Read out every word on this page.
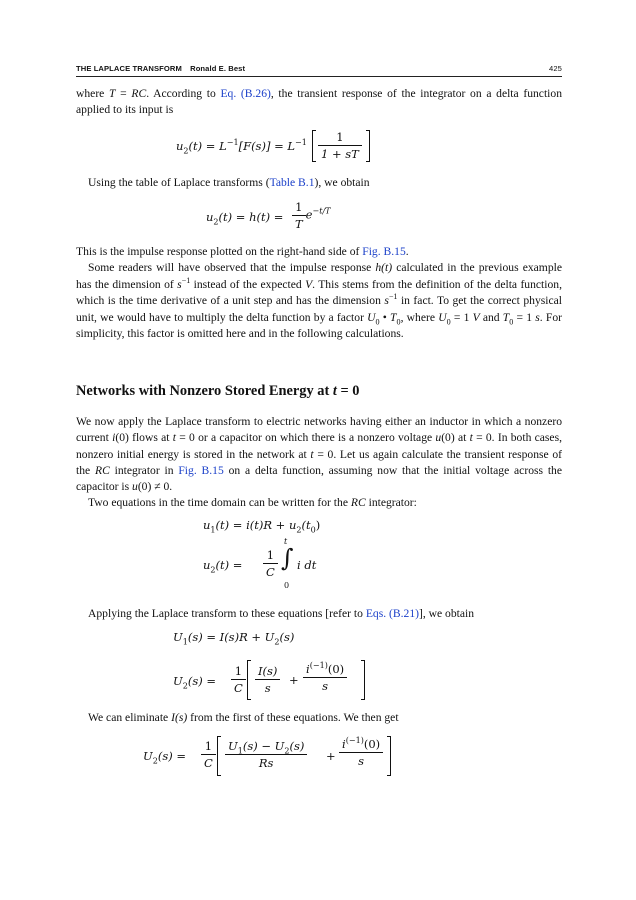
THE LAPLACE TRANSFORM Ronald E. Best	425

where T = RC. According to Eq. (B.26), the transient response of the integrator on a delta function applied to its input is

$u_2(t) = L^{-1}[F(s)] = L^{-1} \frac{1}{1 + sT}$

Using the table of Laplace transforms (Table B.1), we obtain

$u_2(t) = h(t) = \frac{1}{T} e^{-t/T}$

This is the impulse response plotted on the right-hand side of Fig. B.15.

Some readers will have observed that the impulse response h(t) calculated in the previous example has the dimension of $s^{-1}$ instead of the expected V. This stems from the definition of the delta function, which is the time derivative of a unit step and has the dimension $s^{-1}$ in fact. To get the correct physical unit, we would have to multiply the delta function by a factor $U_0$ • $T_0$, where $U_0 = 1$ V and $T_0 = 1$ s. For simplicity, this factor is omitted here and in the following calculations.

Networks with Nonzero Stored Energy at t = 0

We now apply the Laplace transform to electric networks having either an inductor in which a nonzero current i(0) flows at t = 0 or a capacitor on which there is a nonzero voltage u(0) at t = 0. In both cases, nonzero initial energy is stored in the network at t = 0. Let us again calculate the transient response of the RC integrator in Fig. B.15 on a delta function, assuming now that the initial voltage across the capacitor is u(0) ≠ 0.

Two equations in the time domain can be written for the RC integrator:

$u_1(t) = i(t)R + u_2(t_0)$
$u_2(t) = \frac{1}{C}$
t
∫
0
i dt

Applying the Laplace transform to these equations [refer to Eqs. (B.21)], we obtain

$U_1(s) = I(s)R + U_2(s)$
$U_2(s) = \frac{1}{C} \frac{I(s)}{s} + \frac{i^{(-1)}(0)}{s}$

We can eliminate I(s) from the first of these equations. We then get

$U_2(s) = \frac{1}{C} \frac{U_1(s) - U_2(s)}{Rs} + \frac{i^{(-1)}(0)}{s}$
